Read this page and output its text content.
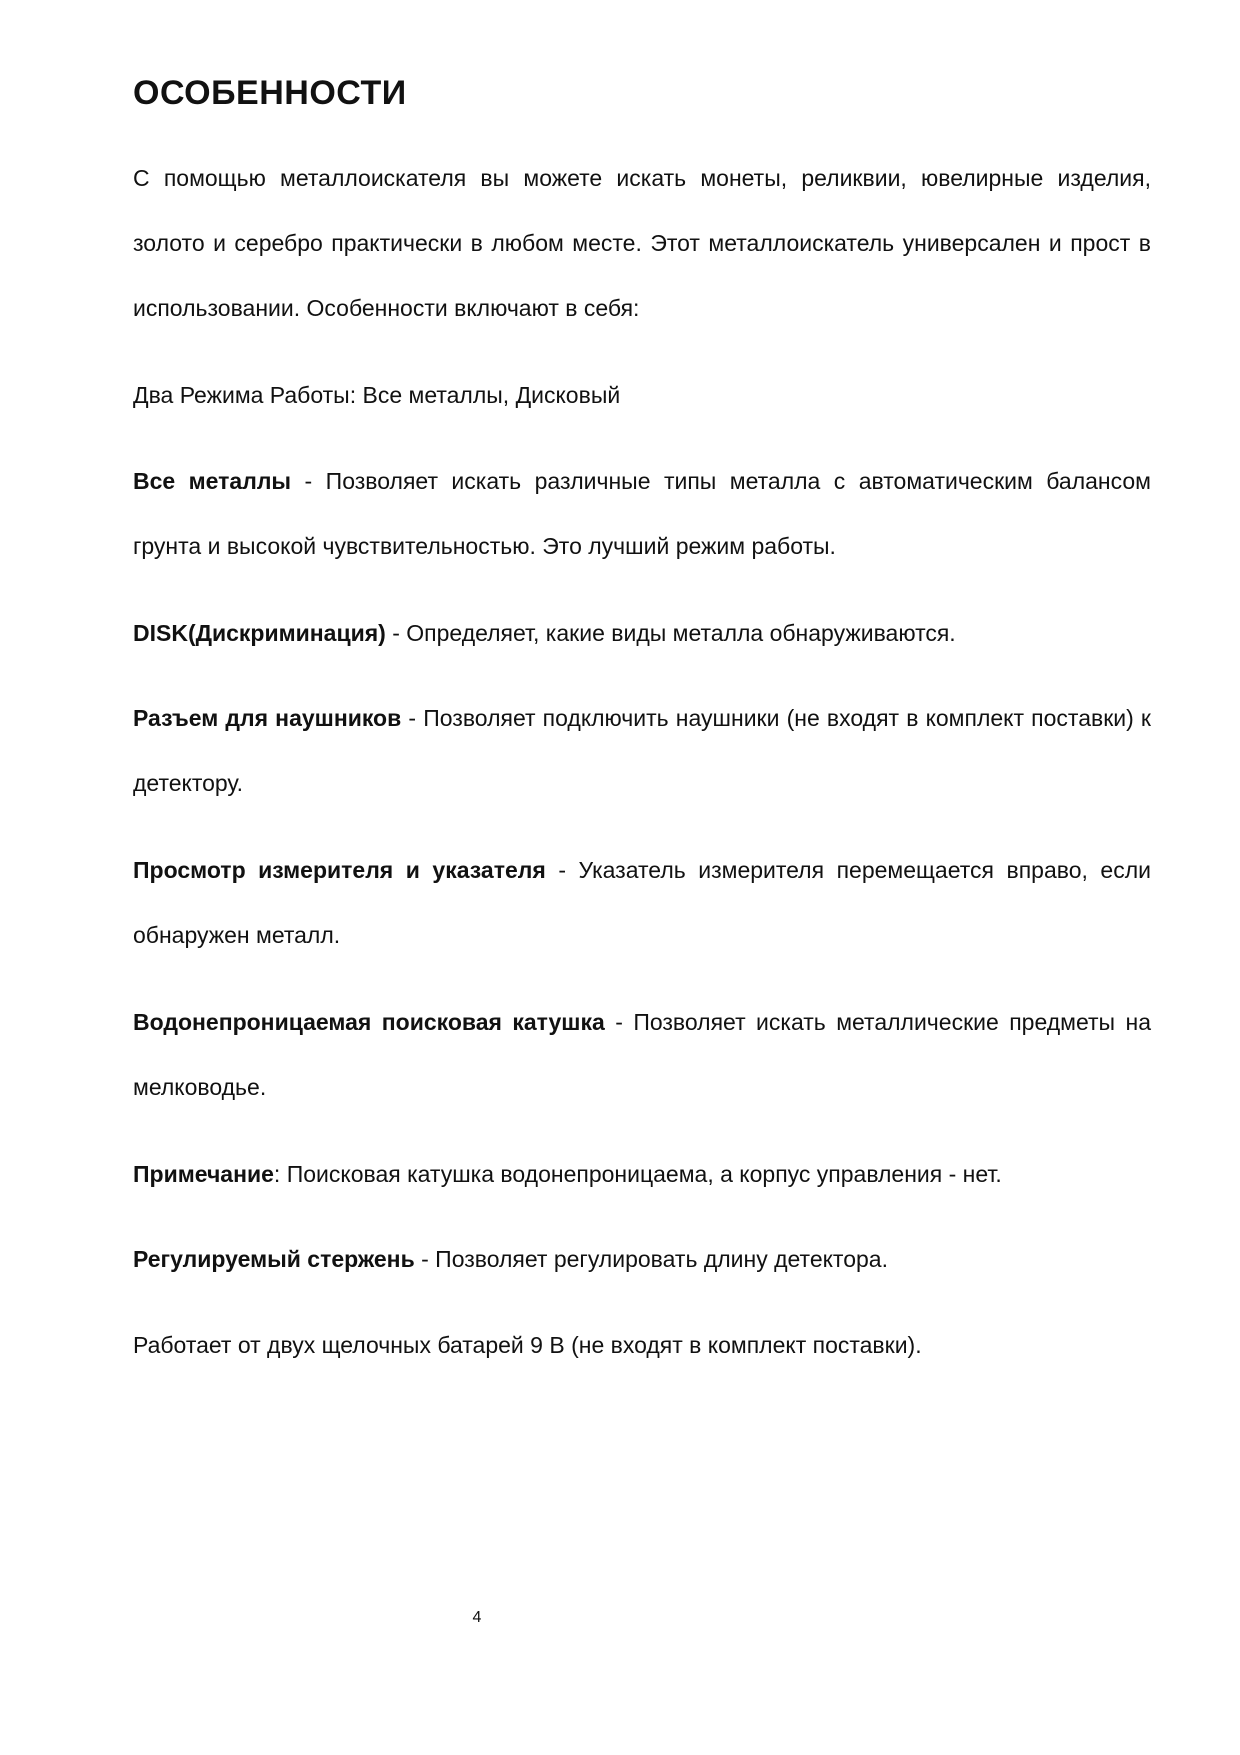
ОСОБЕННОСТИ

С помощью металлоискателя вы можете искать монеты, реликвии, ювелирные изделия, золото и серебро практически в любом месте. Этот металлоискатель универсален и прост в использовании. Особенности включают в себя:

Два Режима Работы: Все металлы, Дисковый

Все металлы - Позволяет искать различные типы металла с автоматическим балансом грунта и высокой чувствительностью. Это лучший режим работы.

DISK(Дискриминация) - Определяет, какие виды металла обнаруживаются.

Разъем для наушников - Позволяет подключить наушники (не входят в комплект поставки) к детектору.

Просмотр измерителя и указателя - Указатель измерителя перемещается вправо, если обнаружен металл.

Водонепроницаемая поисковая катушка - Позволяет искать металлические предметы на мелководье.

Примечание: Поисковая катушка водонепроницаема, а корпус управления - нет.

Регулируемый стержень - Позволяет регулировать длину детектора.

Работает от двух щелочных батарей 9 В (не входят в комплект поставки).

4
